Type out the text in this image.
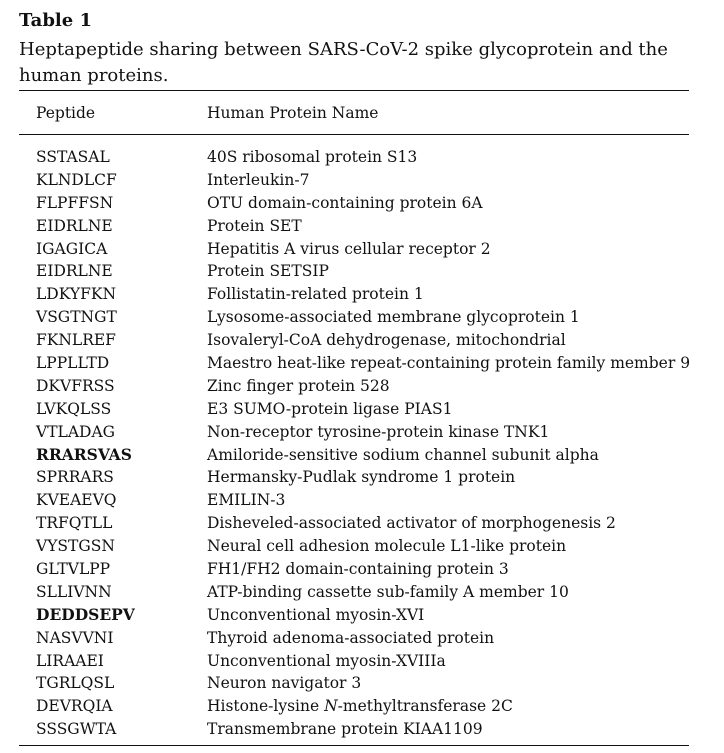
Table 1

Heptapeptide sharing between SARS-CoV-2 spike glycoprotein and the human proteins.

Peptide	Human Protein Name
SSTASAL	40S ribosomal protein S13
KLNDLCF	Interleukin-7
FLPFFSN	OTU domain-containing protein 6A
EIDRLNE	Protein SET
IGAGICA	Hepatitis A virus cellular receptor 2
EIDRLNE	Protein SETSIP
LDKYFKN	Follistatin-related protein 1
VSGTNGT	Lysosome-associated membrane glycoprotein 1
FKNLREF	Isovaleryl-CoA dehydrogenase, mitochondrial
LPPLLTD	Maestro heat-like repeat-containing protein family member 9
DKVFRSS	Zinc finger protein 528
LVKQLSS	E3 SUMO-protein ligase PIAS1
VTLADAG	Non-receptor tyrosine-protein kinase TNK1
RRARSVAS	Amiloride-sensitive sodium channel subunit alpha
SPRRARS	Hermansky-Pudlak syndrome 1 protein
KVEAEVQ	EMILIN-3
TRFQTLL	Disheveled-associated activator of morphogenesis 2
VYSTGSN	Neural cell adhesion molecule L1-like protein
GLTVLPP	FH1/FH2 domain-containing protein 3
SLLIVNN	ATP-binding cassette sub-family A member 10
DEDDSEPV	Unconventional myosin-XVI
NASVVNI	Thyroid adenoma-associated protein
LIRAAEI	Unconventional myosin-XVIIIa
TGRLQSL	Neuron navigator 3
DEVRQIA	Histone-lysine N-methyltransferase 2C
SSSGWTA	Transmembrane protein KIAA1109
